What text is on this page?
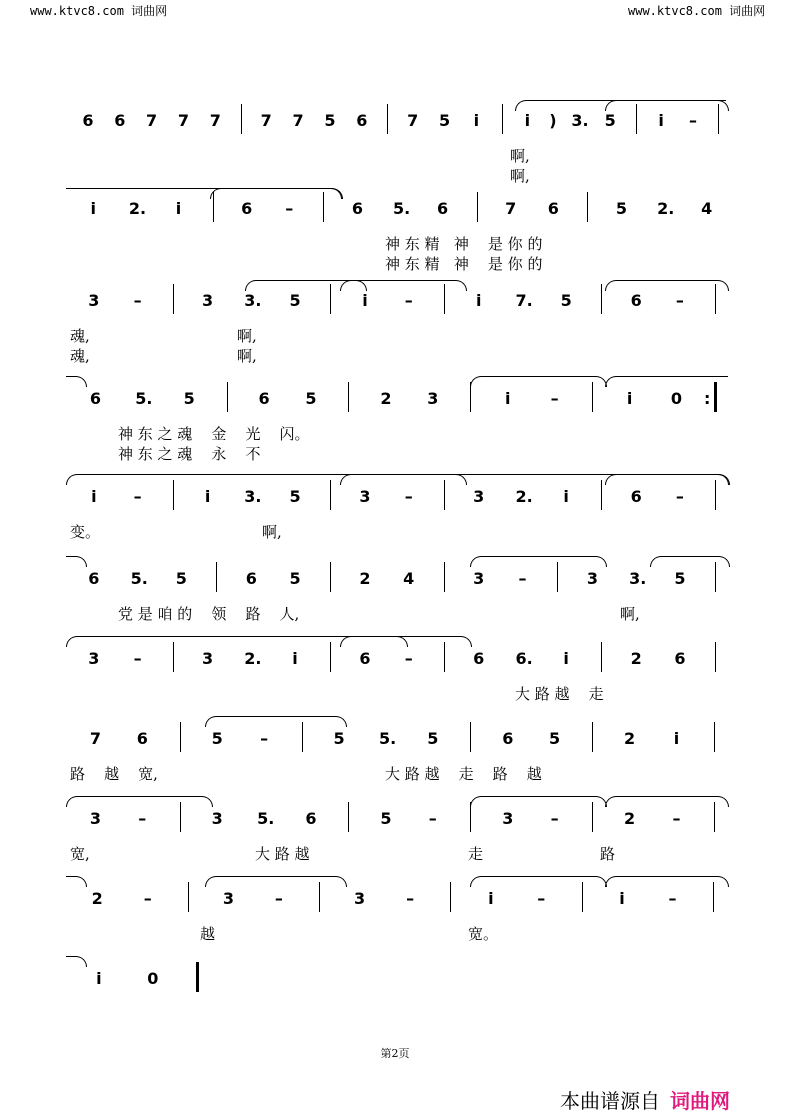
www.ktvc8.com 词曲网	www.ktvc8.com 词曲网
6 6 7 7 7 7 7 5 6 7 5 i	i ) 3. 5	i –
i 2. i	6 –	6 5. 6	7 6	5 2. 4
3 –	3 3. 5	i –	i 7. 5	6 –
6 5. 5	6 5	2 3	i	–	i 0 :
i –	i 3. 5	3 –	3 2. i	6 –
6 5. 5	6 5	2 4	3 –	3 3. 5
3 –	3 2. i	6 –	6 6. i	2 6
7 6	5 –	5 5. 5	6 5	2 i
3 –	3 5. 6	5 –	3 –	2 –
2	–	3	–	3	–	i	–	i	–
i	0
啊,
啊,
神 东 精   神    是 你 的
神 东 精   神    是 你 的
魂,	啊,
魂,	啊,
神 东 之 魂    金    光    闪。
神 东 之 魂    永    不
变。	啊,
党 是 咱 的    领    路    人,	啊,
大 路 越    走
路    越    宽,	大 路 越    走    路    越
宽,	大 路 越	走	路
越	宽。
第2页
本曲谱源自 词曲网
